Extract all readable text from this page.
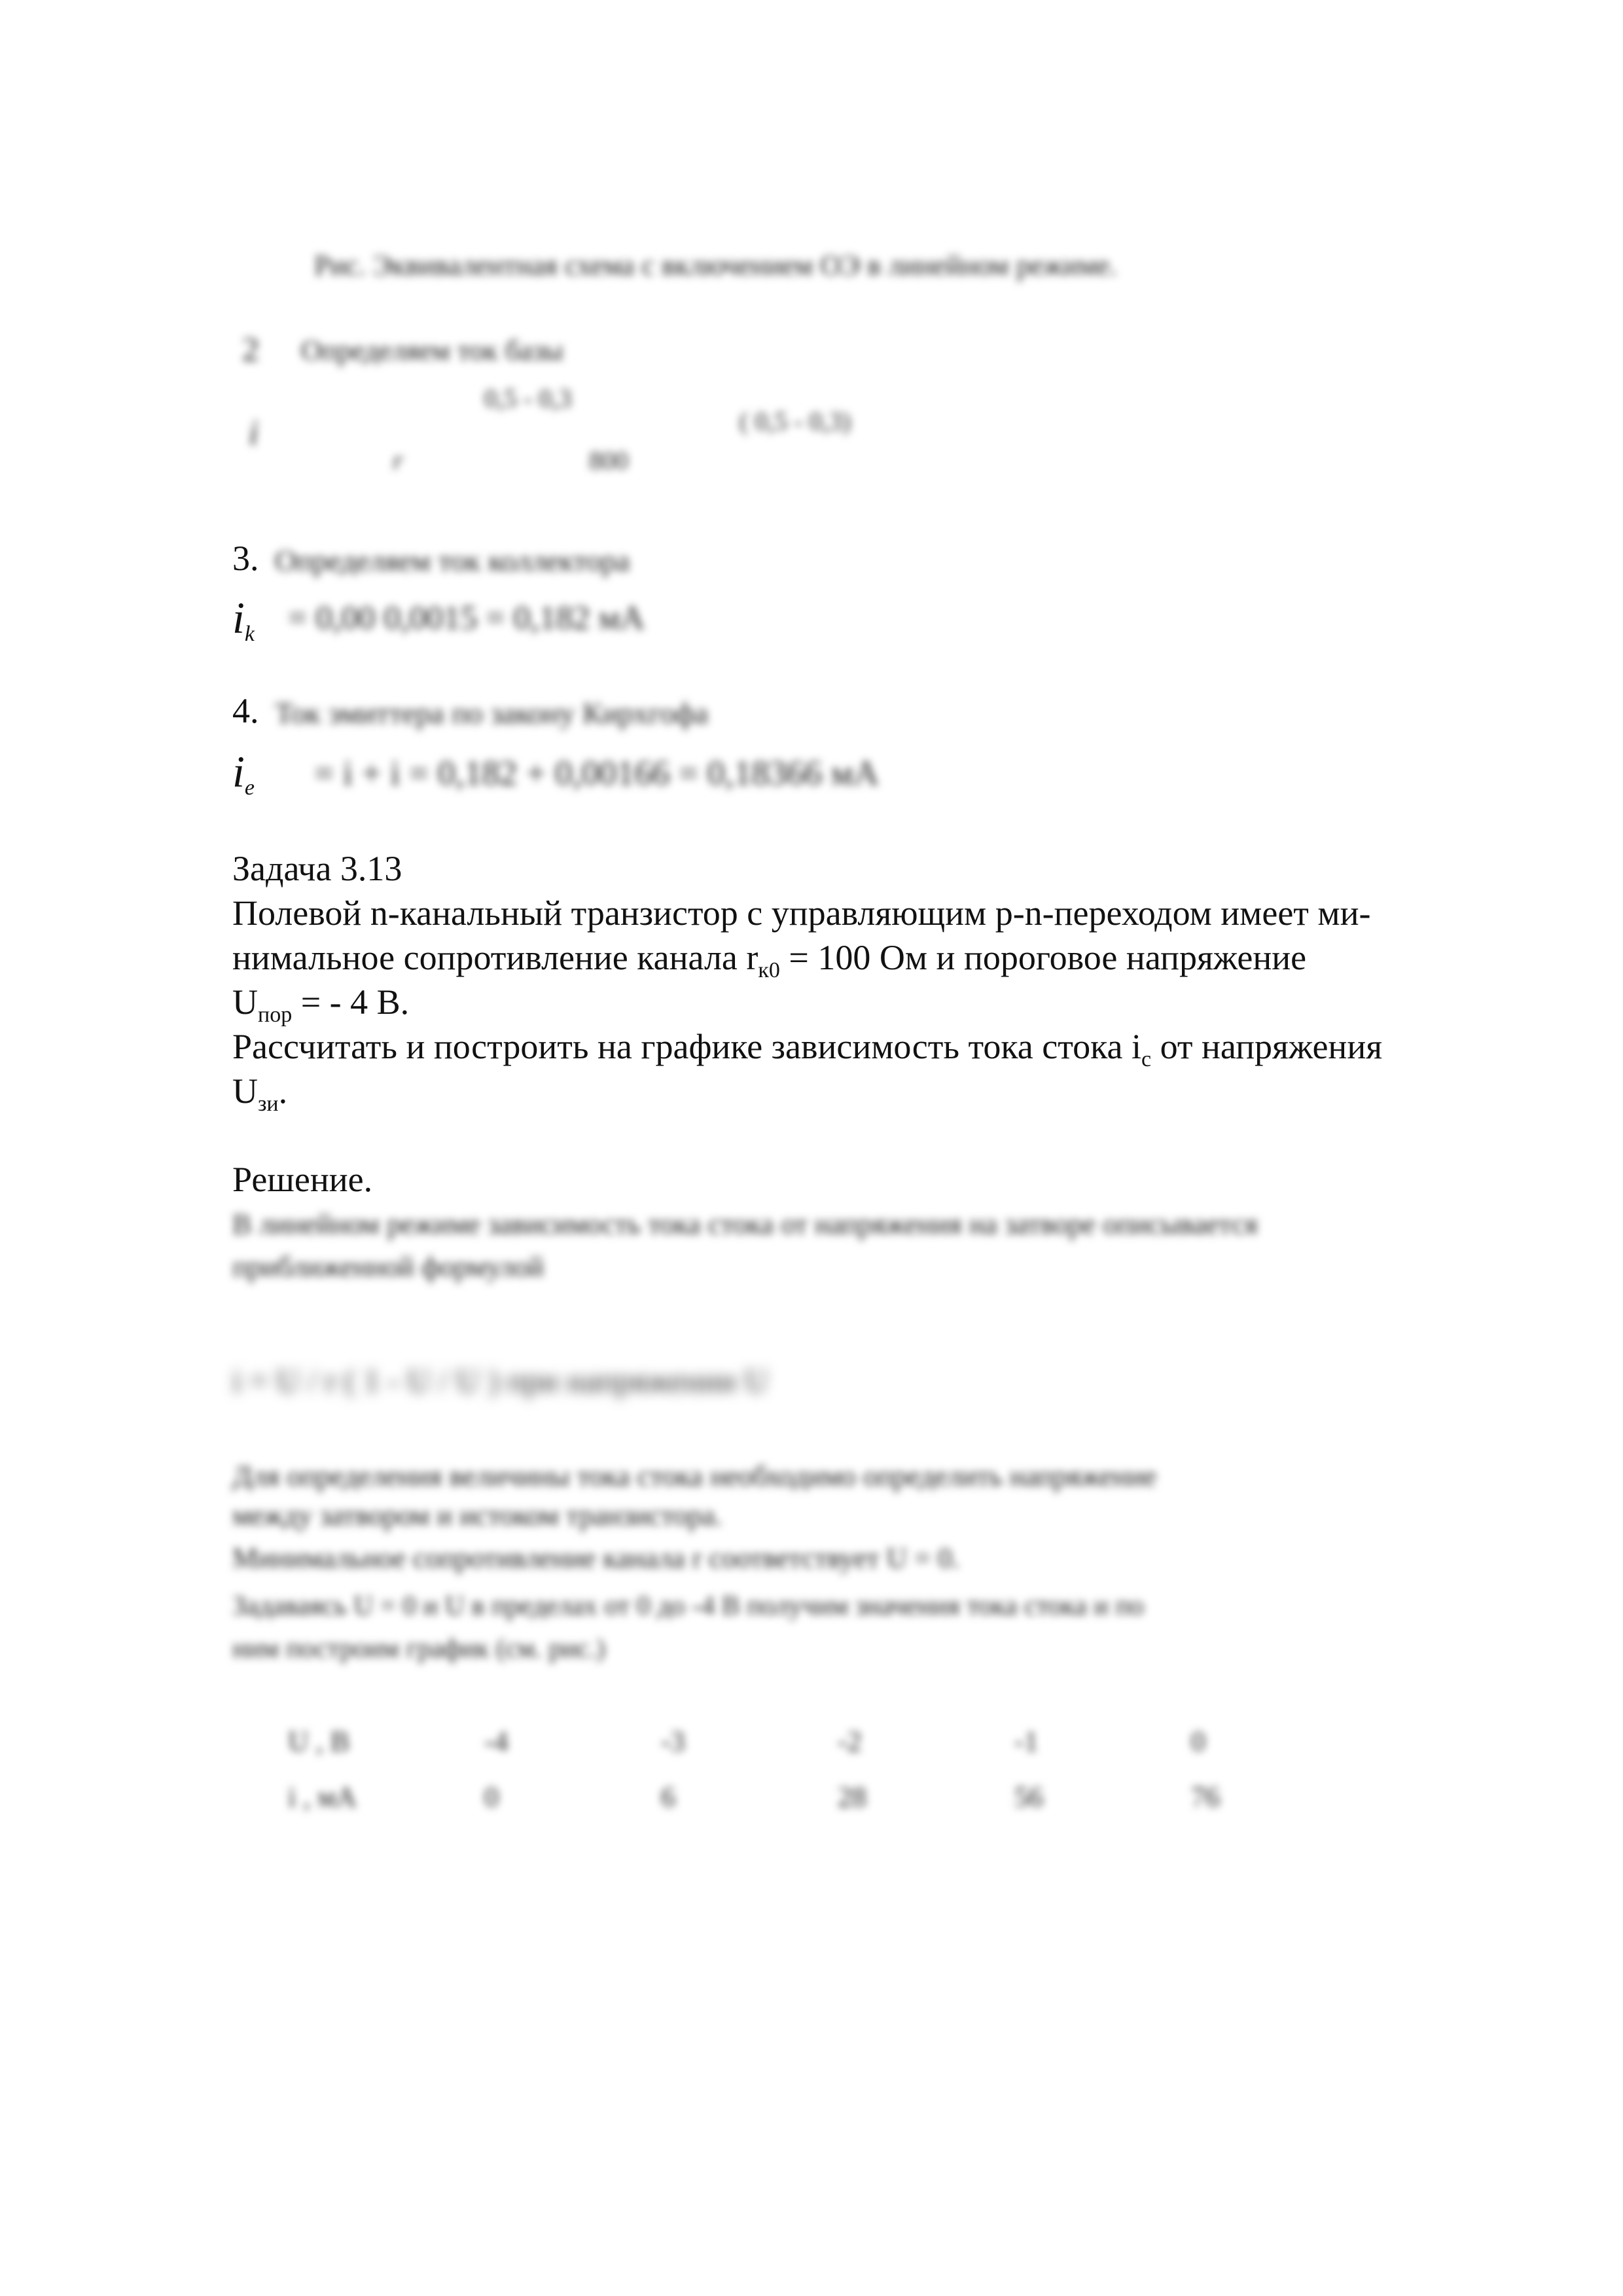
Рис. Эквивалентная схема с включением ОЭ в линейном режиме.
2 Определяем ток базы
0,5 - 0,3
i	( 0,5 - 0,3)
r	800
3. Определяем ток коллектора
ik = 0,00 0,0015 = 0,182 мА
4. Ток эмиттера по закону Кирхгофа
ie = i + i = 0,182 + 0,00166 = 0,18366 мА
Задача 3.13
Полевой n-канальный транзистор с управляющим p-n-переходом имеет ми-
нимальное сопротивление канала $r_{к0} = 100$ Ом и пороговое напряжение
$U_{пор}$ = - 4 В.
Рассчитать и построить на графике зависимость тока стока $i_с$ от напряжения
$U_{зи}$.
Решение.
В линейном режиме зависимость тока стока от напряжения на затворе описывается
приближенной формулой
i = U / r ( 1 - U / U ) при напряжении U
Для определения величины тока стока необходимо определить напряжение
между затвором и истоком транзистора.
Минимальное сопротивление канала r соответствует U = 0.
Задаваясь U = 0 и U в пределах от 0 до -4 В получим значения тока стока и по
ним построим график (см. рис.)
U , В	-4	-3	-2	-1	0
i , мА	0	6	28	56	76
